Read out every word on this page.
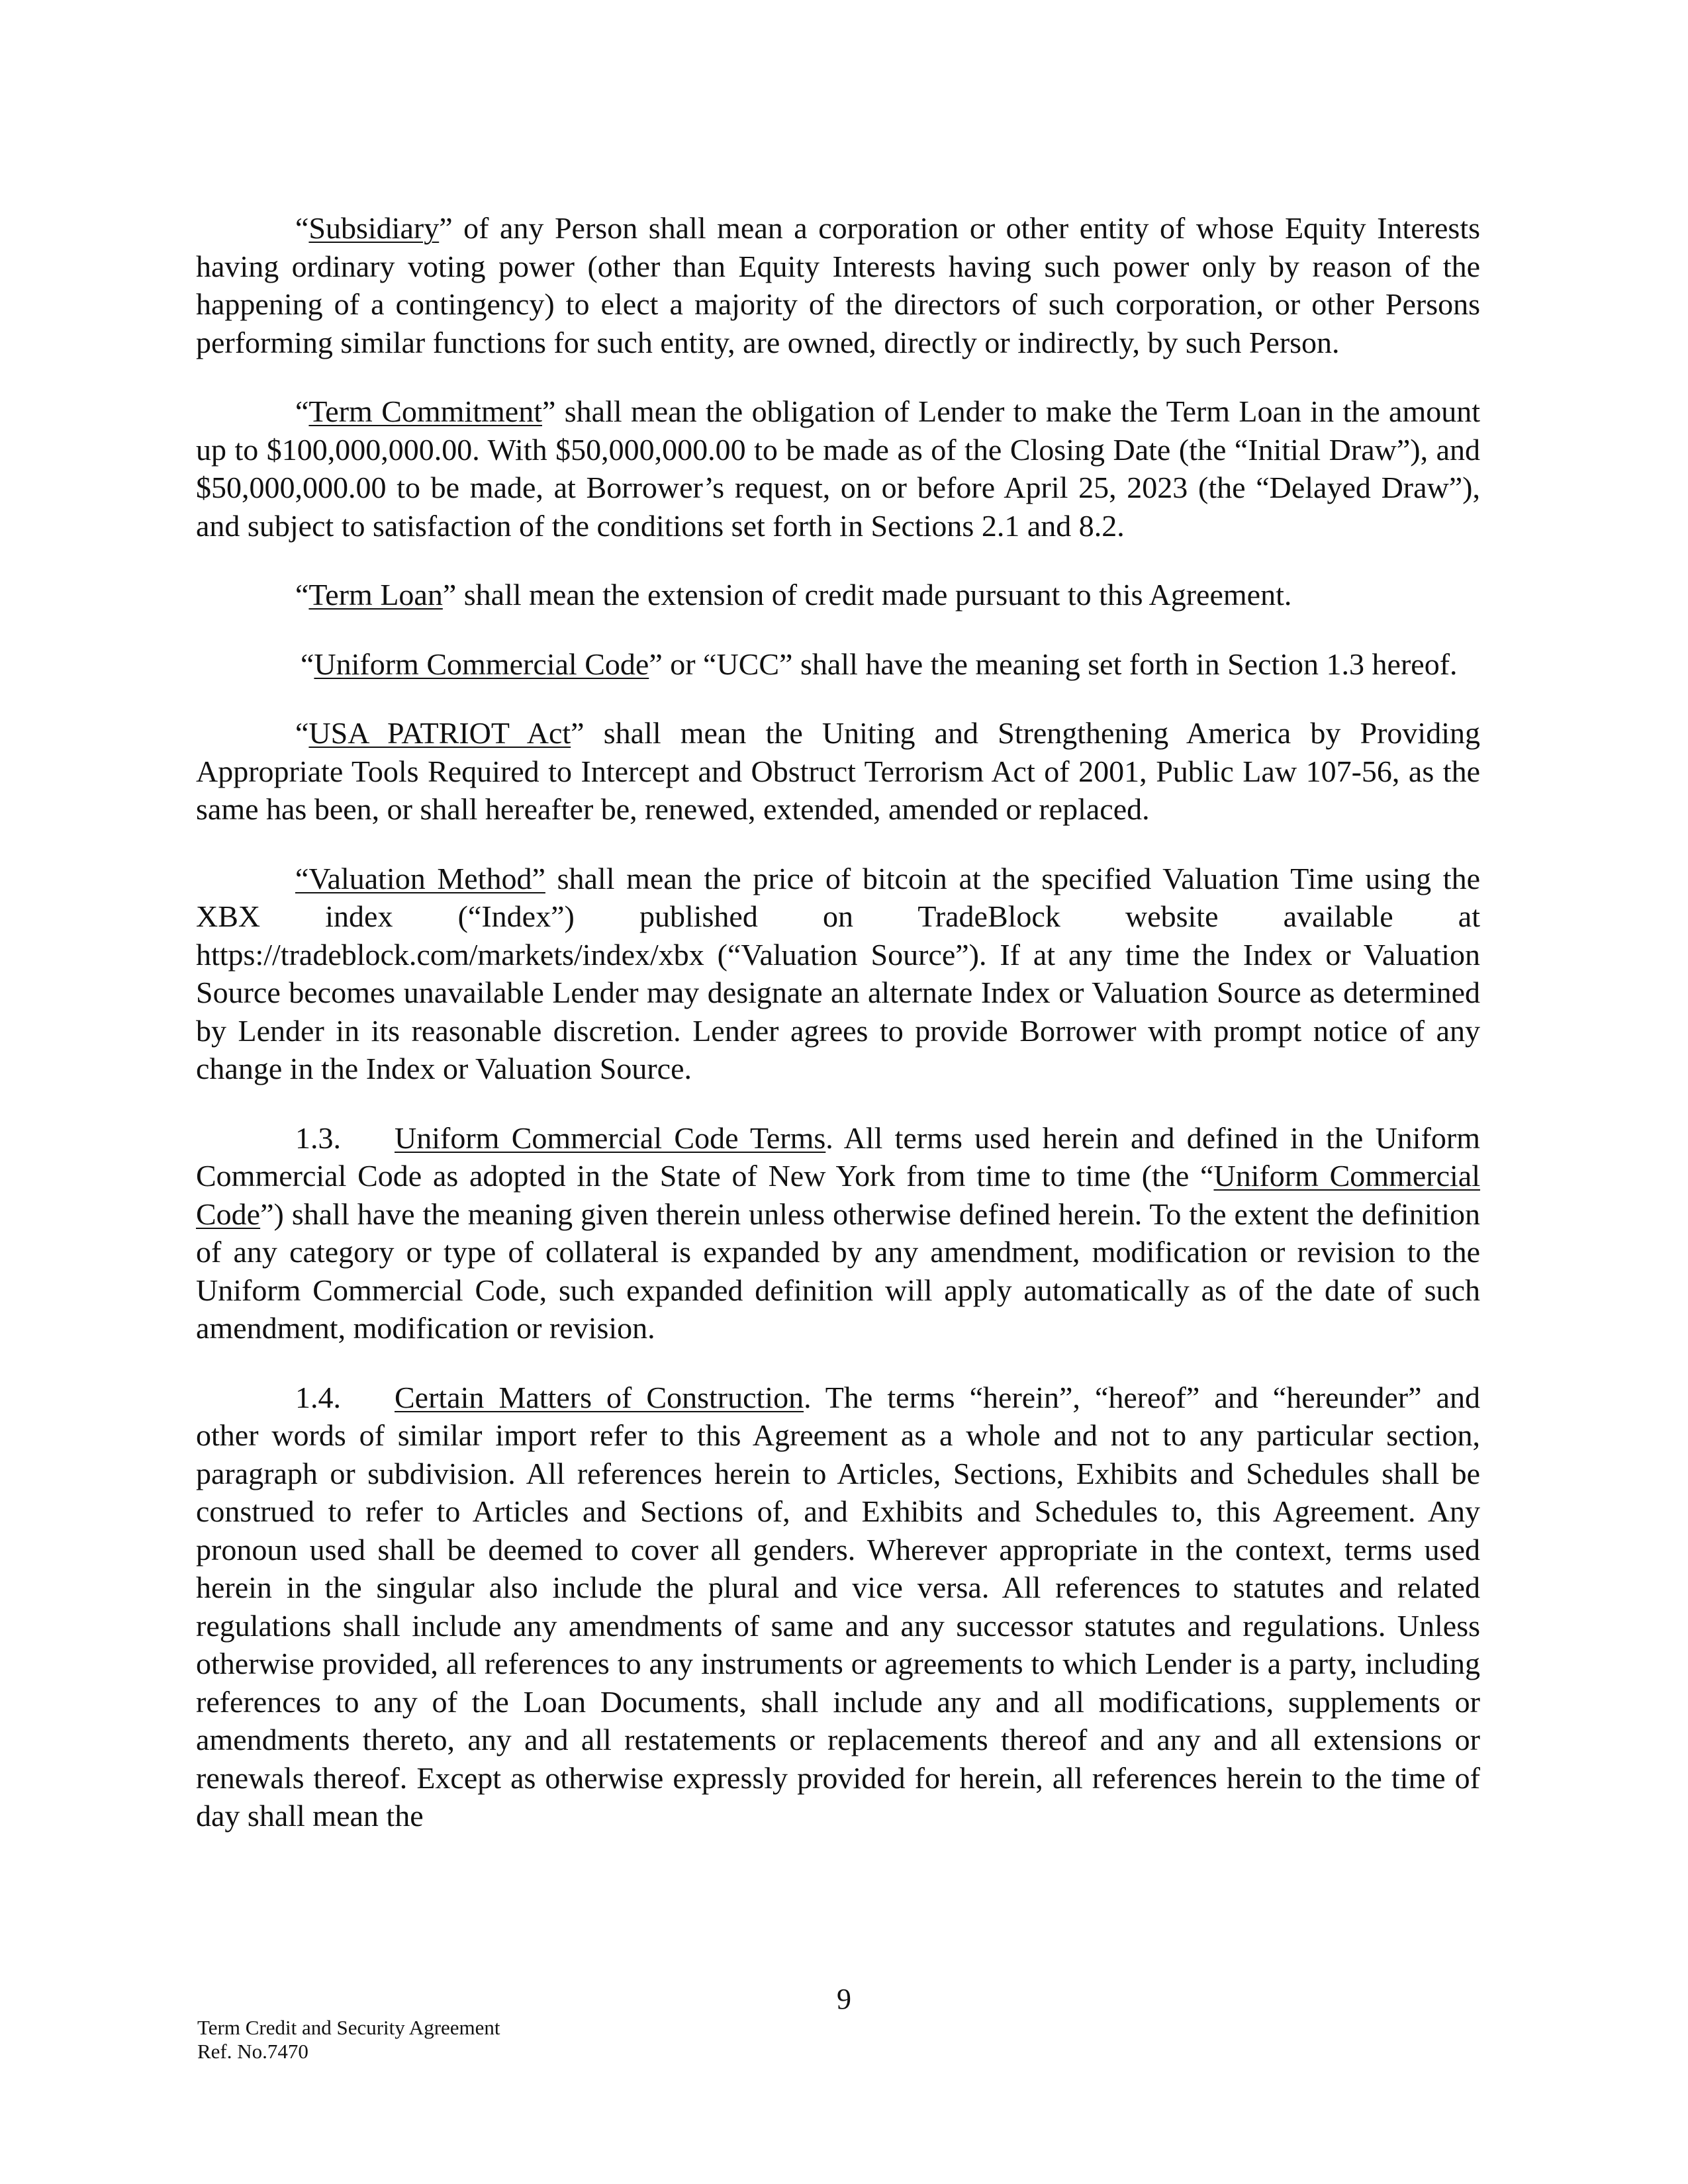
“Subsidiary” of any Person shall mean a corporation or other entity of whose Equity Interests having ordinary voting power (other than Equity Interests having such power only by reason of the happening of a contingency) to elect a majority of the directors of such corporation, or other Persons performing similar functions for such entity, are owned, directly or indirectly, by such Person.

“Term Commitment” shall mean the obligation of Lender to make the Term Loan in the amount up to $100,000,000.00. With $50,000,000.00 to be made as of the Closing Date (the “Initial Draw”), and $50,000,000.00 to be made, at Borrower’s request, on or before April 25, 2023 (the “Delayed Draw”), and subject to satisfaction of the conditions set forth in Sections 2.1 and 8.2.

“Term Loan” shall mean the extension of credit made pursuant to this Agreement.

“Uniform Commercial Code” or “UCC” shall have the meaning set forth in Section 1.3 hereof.

“USA PATRIOT Act” shall mean the Uniting and Strengthening America by Providing Appropriate Tools Required to Intercept and Obstruct Terrorism Act of 2001, Public Law 107-56, as the same has been, or shall hereafter be, renewed, extended, amended or replaced.

“Valuation Method” shall mean the price of bitcoin at the specified Valuation Time using the XBX index (“Index”) published on TradeBlock website available at https://tradeblock.com/markets/index/xbx (“Valuation Source”). If at any time the Index or Valuation Source becomes unavailable Lender may designate an alternate Index or Valuation Source as determined by Lender in its reasonable discretion. Lender agrees to provide Borrower with prompt notice of any change in the Index or Valuation Source.

1.3. Uniform Commercial Code Terms. All terms used herein and defined in the Uniform Commercial Code as adopted in the State of New York from time to time (the “Uniform Commercial Code”) shall have the meaning given therein unless otherwise defined herein. To the extent the definition of any category or type of collateral is expanded by any amendment, modification or revision to the Uniform Commercial Code, such expanded definition will apply automatically as of the date of such amendment, modification or revision.

1.4. Certain Matters of Construction. The terms “herein”, “hereof” and “hereunder” and other words of similar import refer to this Agreement as a whole and not to any particular section, paragraph or subdivision. All references herein to Articles, Sections, Exhibits and Schedules shall be construed to refer to Articles and Sections of, and Exhibits and Schedules to, this Agreement. Any pronoun used shall be deemed to cover all genders. Wherever appropriate in the context, terms used herein in the singular also include the plural and vice versa. All references to statutes and related regulations shall include any amendments of same and any successor statutes and regulations. Unless otherwise provided, all references to any instruments or agreements to which Lender is a party, including references to any of the Loan Documents, shall include any and all modifications, supplements or amendments thereto, any and all restatements or replacements thereof and any and all extensions or renewals thereof. Except as otherwise expressly provided for herein, all references herein to the time of day shall mean the

9
Term Credit and Security Agreement
Ref. No.7470
